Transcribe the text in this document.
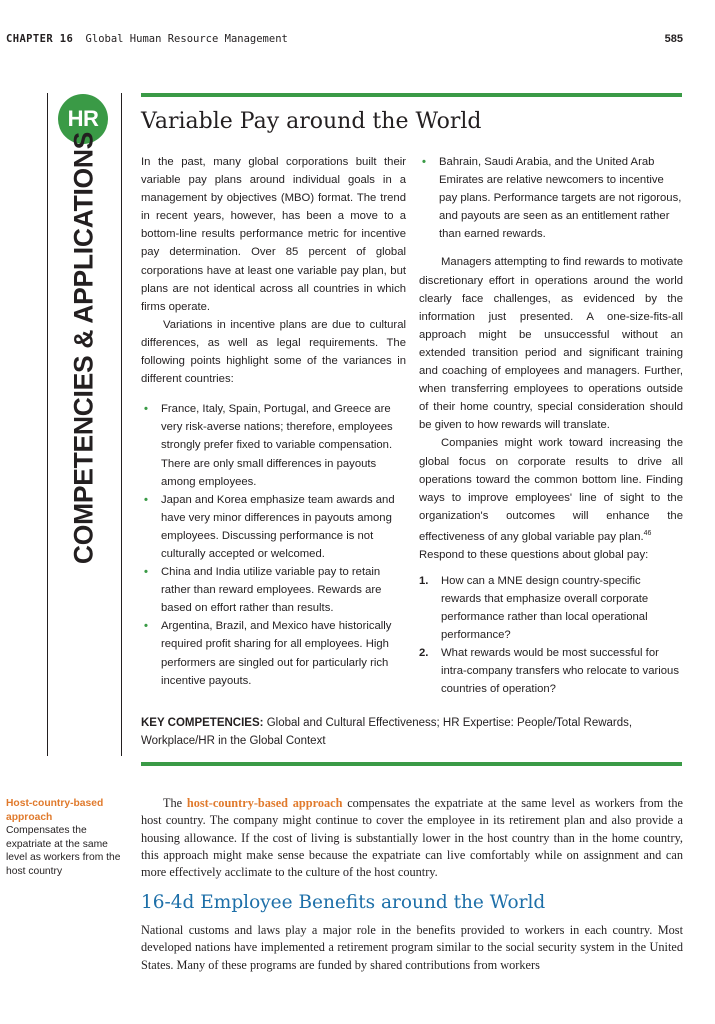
CHAPTER 16 Global Human Resource Management	585
HR
COMPETENCIES & APPLICATIONS
Variable Pay around the World

In the past, many global corporations built their variable pay plans around individual goals in a management by objectives (MBO) format. The trend in recent years, however, has been a move to a bottom-line results performance metric for incentive pay determination. Over 85 percent of global corporations have at least one variable pay plan, but plans are not identical across all countries in which firms operate.

Variations in incentive plans are due to cultural differences, as well as legal requirements. The following points highlight some of the variances in different countries:

• France, Italy, Spain, Portugal, and Greece are very risk-averse nations; therefore, employees strongly prefer fixed to variable compensation. There are only small differences in payouts among employees.
• Japan and Korea emphasize team awards and have very minor differences in payouts among employees. Discussing performance is not culturally accepted or welcomed.
• China and India utilize variable pay to retain rather than reward employees. Rewards are based on effort rather than results.
• Argentina, Brazil, and Mexico have historically required profit sharing for all employees. High performers are singled out for particularly rich incentive payouts.
• Bahrain, Saudi Arabia, and the United Arab Emirates are relative newcomers to incentive pay plans. Performance targets are not rigorous, and payouts are seen as an entitlement rather than earned rewards.

Managers attempting to find rewards to motivate discretionary effort in operations around the world clearly face challenges, as evidenced by the information just presented. A one-size-fits-all approach might be unsuccessful without an extended transition period and significant training and coaching of employees and managers. Further, when transferring employees to operations outside of their home country, special consideration should be given to how rewards will translate.

Companies might work toward increasing the global focus on corporate results to drive all operations toward the common bottom line. Finding ways to improve employees' line of sight to the organization's outcomes will enhance the effectiveness of any global variable pay plan.$^{46}$

Respond to these questions about global pay:

1. How can a MNE design country-specific rewards that emphasize overall corporate performance rather than local operational performance?
2. What rewards would be most successful for intra-company transfers who relocate to various countries of operation?
KEY COMPETENCIES: Global and Cultural Effectiveness; HR Expertise: People/Total Rewards, Workplace/HR in the Global Context
Host-country-based approach
Compensates the expatriate at the same level as workers from the host country

The host-country-based approach compensates the expatriate at the same level as workers from the host country. The company might continue to cover the employee in its retirement plan and also provide a housing allowance. If the cost of living is substantially lower in the host country than in the home country, this approach might make sense because the expatriate can live comfortably while on assignment and can more effectively acclimate to the culture of the host country.

16-4d Employee Benefits around the World

National customs and laws play a major role in the benefits provided to workers in each country. Most developed nations have implemented a retirement program similar to the social security system in the United States. Many of these programs are funded by shared contributions from workers
